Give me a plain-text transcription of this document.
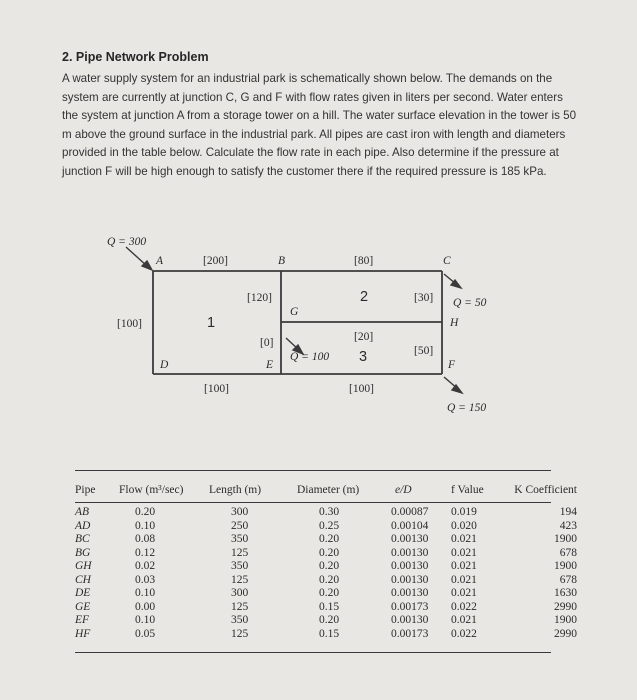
2. Pipe Network Problem
A water supply system for an industrial park is schematically shown below. The demands on the system are currently at junction C, G and F with flow rates given in liters per second. Water enters the system at junction A from a storage tower on a hill. The water surface elevation in the tower is 50 m above the ground surface in the industrial park. All pipes are cast iron with length and diameters provided in the table below. Calculate the flow rate in each pipe. Also determine if the pressure at junction F will be high enough to satisfy the customer there if the required pressure is 185 kPa.
A	B	C
D	E	F
G
H
[200]	[80]
[100]
[120]
[0]	[20]
[30]
[50]
[100]	[100]
1
2
3
Q = 300
Q = 100
Q = 50
Q = 150
Pipe	Flow (m³/sec)	Length (m)	Diameter (m)	e/D	f Value	K Coefficient

AB	0.20	300	0.30	0.00087	0.019	194
AD	0.10	250	0.25	0.00104	0.020	423
BC	0.08	350	0.20	0.00130	0.021	1900
BG	0.12	125	0.20	0.00130	0.021	678
GH	0.02	350	0.20	0.00130	0.021	1900
CH	0.03	125	0.20	0.00130	0.021	678
DE	0.10	300	0.20	0.00130	0.021	1630
GE	0.00	125	0.15	0.00173	0.022	2990
EF	0.10	350	0.20	0.00130	0.021	1900
HF	0.05	125	0.15	0.00173	0.022	2990
